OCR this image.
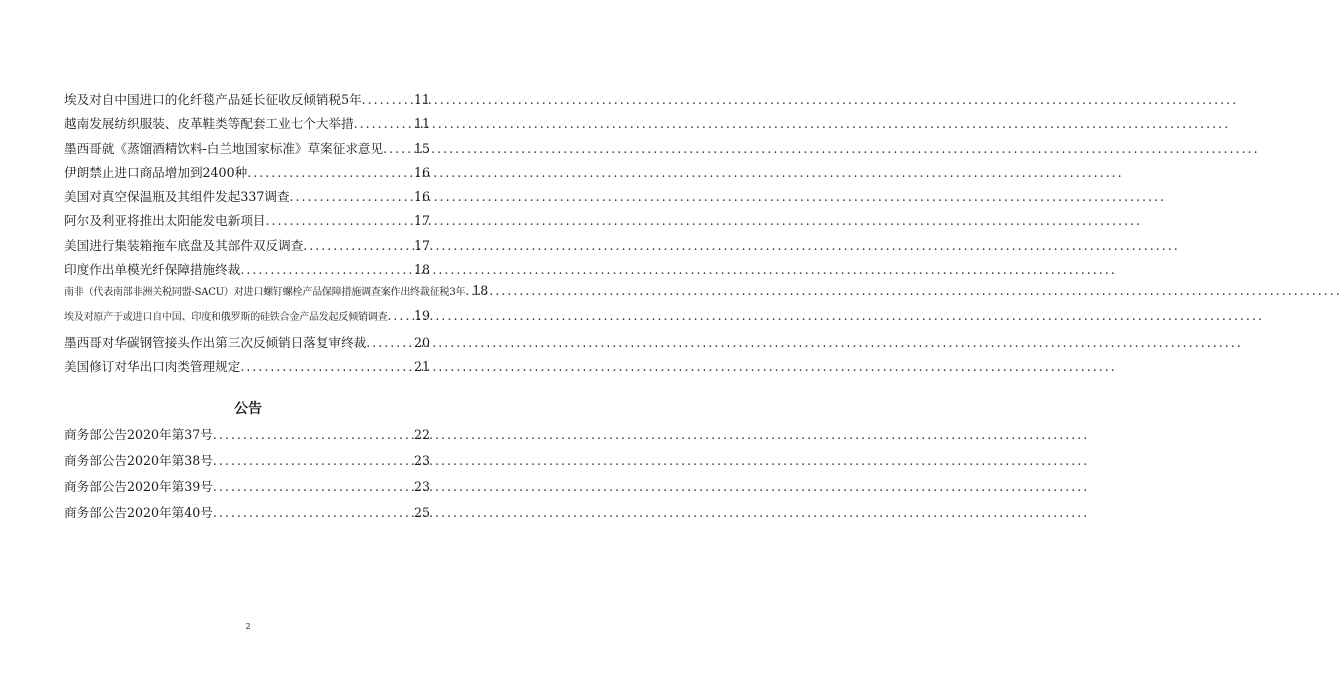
埃及对自中国进口的化纤毯产品延长征收反倾销税5年 .....	11
越南发展纺织服装、皮革鞋类等配套工业七个大举措 .....	11
墨西哥就《蒸馏酒精饮料-白兰地国家标准》草案征求意见 ..... 15
伊朗禁止进口商品增加到2400种 .....	16
美国对真空保温瓶及其组件发起337调查 .....	16
阿尔及利亚将推出太阳能发电新项目 .....	17
美国进行集装箱拖车底盘及其部件双反调查 .....	17
印度作出单模光纤保障措施终裁 .....	18
南非（代表南部非洲关税同盟-SACU）对进口螺钉螺栓产品保障措施调查案作出终裁征税3年 ..... 18
埃及对原产于或进口自中国、印度和俄罗斯的硅铁合金产品发起反倾销调查 ..... 19
墨西哥对华碳钢管接头作出第三次反倾销日落复审终裁 .....	20
美国修订对华出口肉类管理规定 .....	21
公告
商务部公告2020年第37号 .....	22
商务部公告2020年第38号 .....	23
商务部公告2020年第39号 .....	23
商务部公告2020年第40号 .....	25
2
